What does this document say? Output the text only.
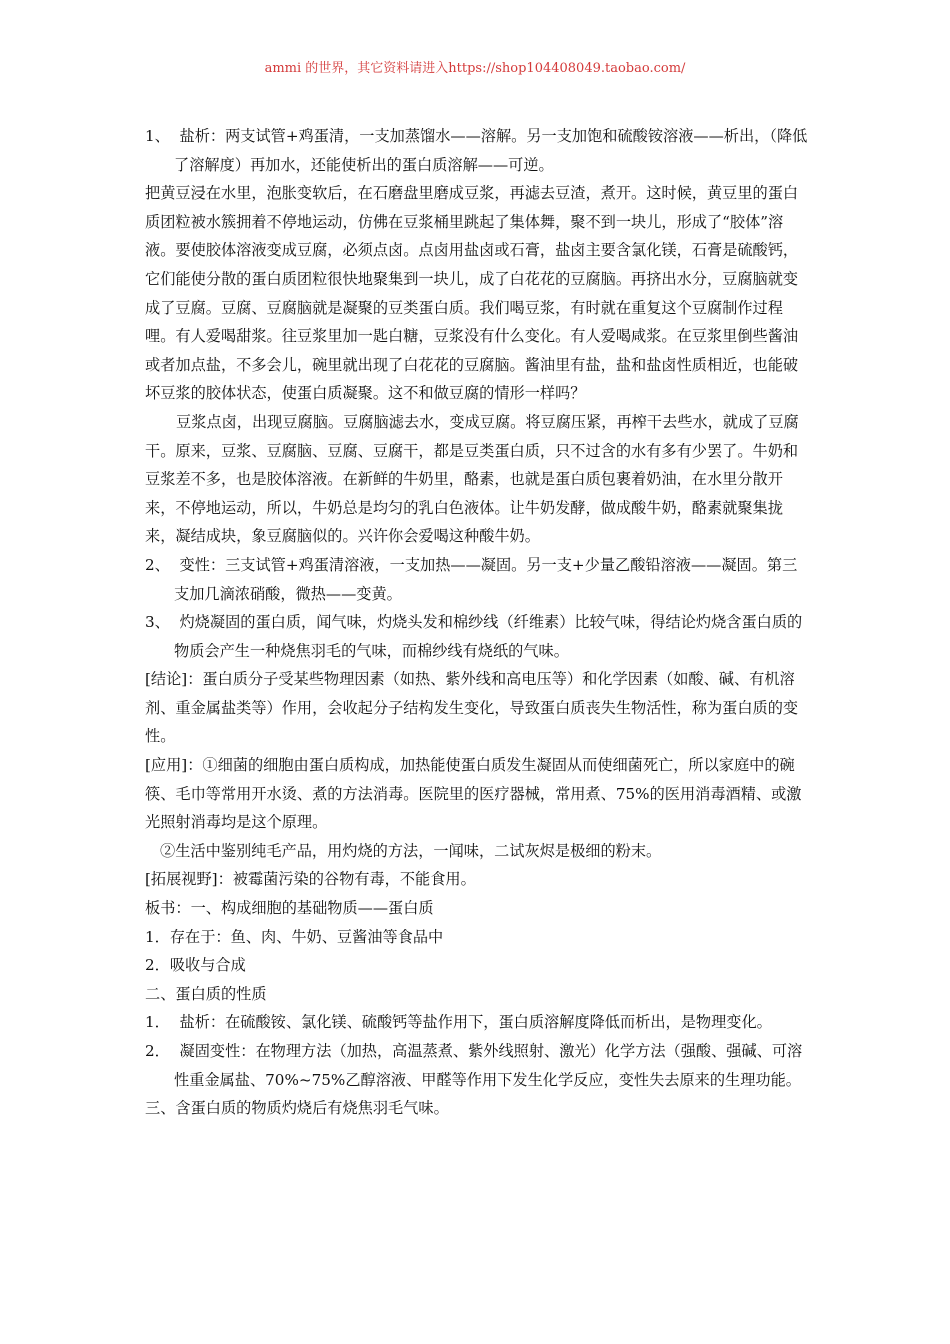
ammi 的世界，其它资料请进入https://shop104408049.taobao.com/

1、  盐析：两支试管+鸡蛋清，一支加蒸馏水——溶解。另一支加饱和硫酸铵溶液——析出，（降低了溶解度）再加水，还能使析出的蛋白质溶解——可逆。

把黄豆浸在水里，泡胀变软后，在石磨盘里磨成豆浆，再滤去豆渣，煮开。这时候，黄豆里的蛋白质团粒被水簇拥着不停地运动，仿佛在豆浆桶里跳起了集体舞，聚不到一块儿，形成了“胶体”溶液。要使胶体溶液变成豆腐，必须点卤。点卤用盐卤或石膏，盐卤主要含氯化镁，石膏是硫酸钙，它们能使分散的蛋白质团粒很快地聚集到一块儿，成了白花花的豆腐脑。再挤出水分，豆腐脑就变成了豆腐。豆腐、豆腐脑就是凝聚的豆类蛋白质。我们喝豆浆，有时就在重复这个豆腐制作过程哩。有人爱喝甜浆。往豆浆里加一匙白糖，豆浆没有什么变化。有人爱喝咸浆。在豆浆里倒些酱油或者加点盐，不多会儿，碗里就出现了白花花的豆腐脑。酱油里有盐，盐和盐卤性质相近，也能破坏豆浆的胶体状态，使蛋白质凝聚。这不和做豆腐的情形一样吗？

豆浆点卤，出现豆腐脑。豆腐脑滤去水，变成豆腐。将豆腐压紧，再榨干去些水，就成了豆腐干。原来，豆浆、豆腐脑、豆腐、豆腐干，都是豆类蛋白质，只不过含的水有多有少罢了。牛奶和豆浆差不多，也是胶体溶液。在新鲜的牛奶里，酪素，也就是蛋白质包裹着奶油，在水里分散开来，不停地运动，所以，牛奶总是均匀的乳白色液体。让牛奶发酵，做成酸牛奶，酪素就聚集拢来，凝结成块，象豆腐脑似的。兴许你会爱喝这种酸牛奶。

2、  变性：三支试管+鸡蛋清溶液，一支加热——凝固。另一支+少量乙酸铅溶液——凝固。第三支加几滴浓硝酸，微热——变黄。

3、  灼烧凝固的蛋白质，闻气味，灼烧头发和棉纱线（纤维素）比较气味，得结论灼烧含蛋白质的物质会产生一种烧焦羽毛的气味，而棉纱线有烧纸的气味。

[结论]：蛋白质分子受某些物理因素（如热、紫外线和高电压等）和化学因素（如酸、碱、有机溶剂、重金属盐类等）作用，会收起分子结构发生变化，导致蛋白质丧失生物活性，称为蛋白质的变性。

[应用]：①细菌的细胞由蛋白质构成，加热能使蛋白质发生凝固从而使细菌死亡，所以家庭中的碗筷、毛巾等常用开水烫、煮的方法消毒。医院里的医疗器械，常用煮、75%的医用消毒酒精、或激光照射消毒均是这个原理。

②生活中鉴别纯毛产品，用灼烧的方法，一闻味，二试灰烬是极细的粉末。

[拓展视野]：被霉菌污染的谷物有毒，不能食用。

板书：一、构成细胞的基础物质——蛋白质

1．存在于：鱼、肉、牛奶、豆酱油等食品中

2．吸收与合成

二、蛋白质的性质

1．  盐析：在硫酸铵、氯化镁、硫酸钙等盐作用下，蛋白质溶解度降低而析出，是物理变化。

2．  凝固变性：在物理方法（加热，高温蒸煮、紫外线照射、激光）化学方法（强酸、强碱、可溶性重金属盐、70%~75%乙醇溶液、甲醛等作用下发生化学反应，变性失去原来的生理功能。

三、含蛋白质的物质灼烧后有烧焦羽毛气味。
